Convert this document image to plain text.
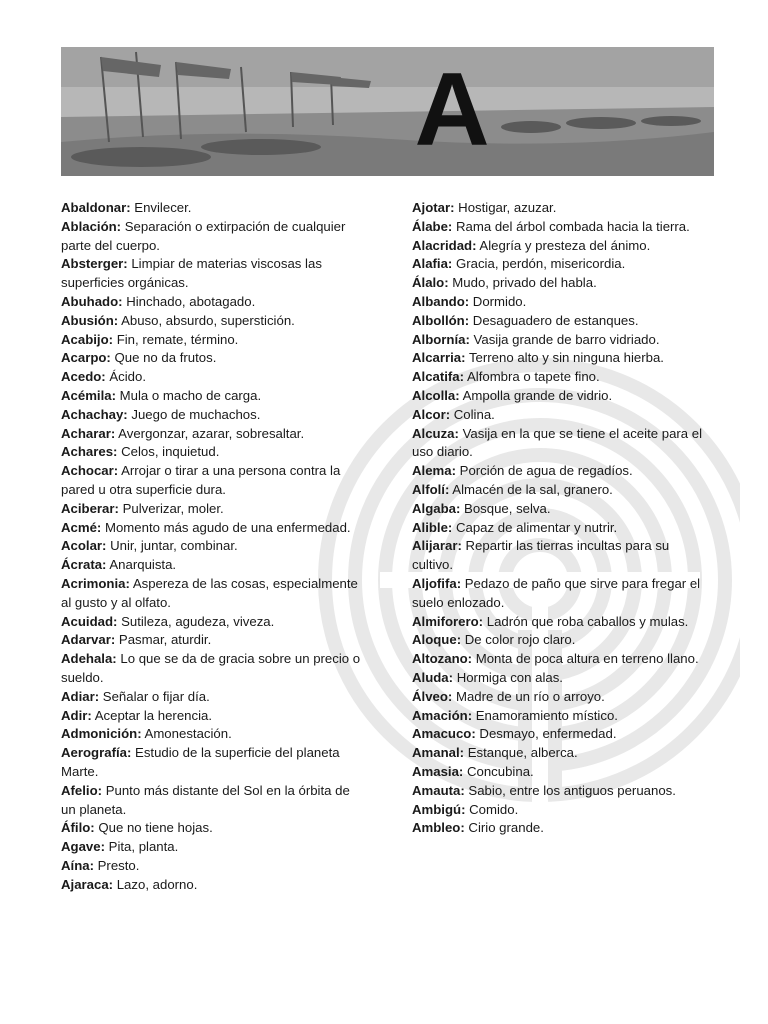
A

Abaldonar: Envilecer.

Ablación: Separación o extirpación de cualquier parte del cuerpo.

Absterger: Limpiar de materias viscosas las superficies orgánicas.

Abuhado: Hinchado, abotagado.

Abusión: Abuso, absurdo, superstición.

Acabijo: Fin, remate, término.

Acarpo: Que no da frutos.

Acedo: Ácido.

Acémila: Mula o macho de carga.

Achachay: Juego de muchachos.

Acharar: Avergonzar, azarar, sobresaltar.

Achares: Celos, inquietud.

Achocar: Arrojar o tirar a una persona contra la pared u otra superficie dura.

Aciberar: Pulverizar, moler.

Acmé: Momento más agudo de una enfermedad.

Acolar: Unir, juntar, combinar.

Ácrata: Anarquista.

Acrimonia: Aspereza de las cosas, especialmente al gusto y al olfato.

Acuidad: Sutileza, agudeza, viveza.

Adarvar: Pasmar, aturdir.

Adehala: Lo que se da de gracia sobre un precio o sueldo.

Adiar: Señalar o fijar día.

Adir: Aceptar la herencia.

Admonición: Amonestación.

Aerografía: Estudio de la superficie del planeta Marte.

Afelio: Punto más distante del Sol en la órbita de un planeta.

Áfilo: Que no tiene hojas.

Agave: Pita, planta.

Aína: Presto.

Ajaraca: Lazo, adorno.

Ajotar: Hostigar, azuzar.

Álabe: Rama del árbol combada hacia la tierra.

Alacridad: Alegría y presteza del ánimo.

Alafia: Gracia, perdón, misericordia.

Álalo: Mudo, privado del habla.

Albando: Dormido.

Albollón: Desaguadero de estanques.

Albornía: Vasija grande de barro vidriado.

Alcarria: Terreno alto y sin ninguna hierba.

Alcatifa: Alfombra o tapete fino.

Alcolla: Ampolla grande de vidrio.

Alcor: Colina.

Alcuza: Vasija en la que se tiene el aceite para el uso diario.

Alema: Porción de agua de regadíos.

Alfolí: Almacén de la sal, granero.

Algaba: Bosque, selva.

Alible: Capaz de alimentar y nutrir.

Alijarar: Repartir las tierras incultas para su cultivo.

Aljofifa: Pedazo de paño que sirve para fregar el suelo enlozado.

Almiforero: Ladrón que roba caballos y mulas.

Aloque: De color rojo claro.

Altozano: Monta de poca altura en terreno llano.

Aluda: Hormiga con alas.

Álveo: Madre de un río o arroyo.

Amación: Enamoramiento místico.

Amacuco: Desmayo, enfermedad.

Amanal: Estanque, alberca.

Amasia: Concubina.

Amauta: Sabio, entre los antiguos peruanos.

Ambigú: Comido.

Ambleo: Cirio grande.
